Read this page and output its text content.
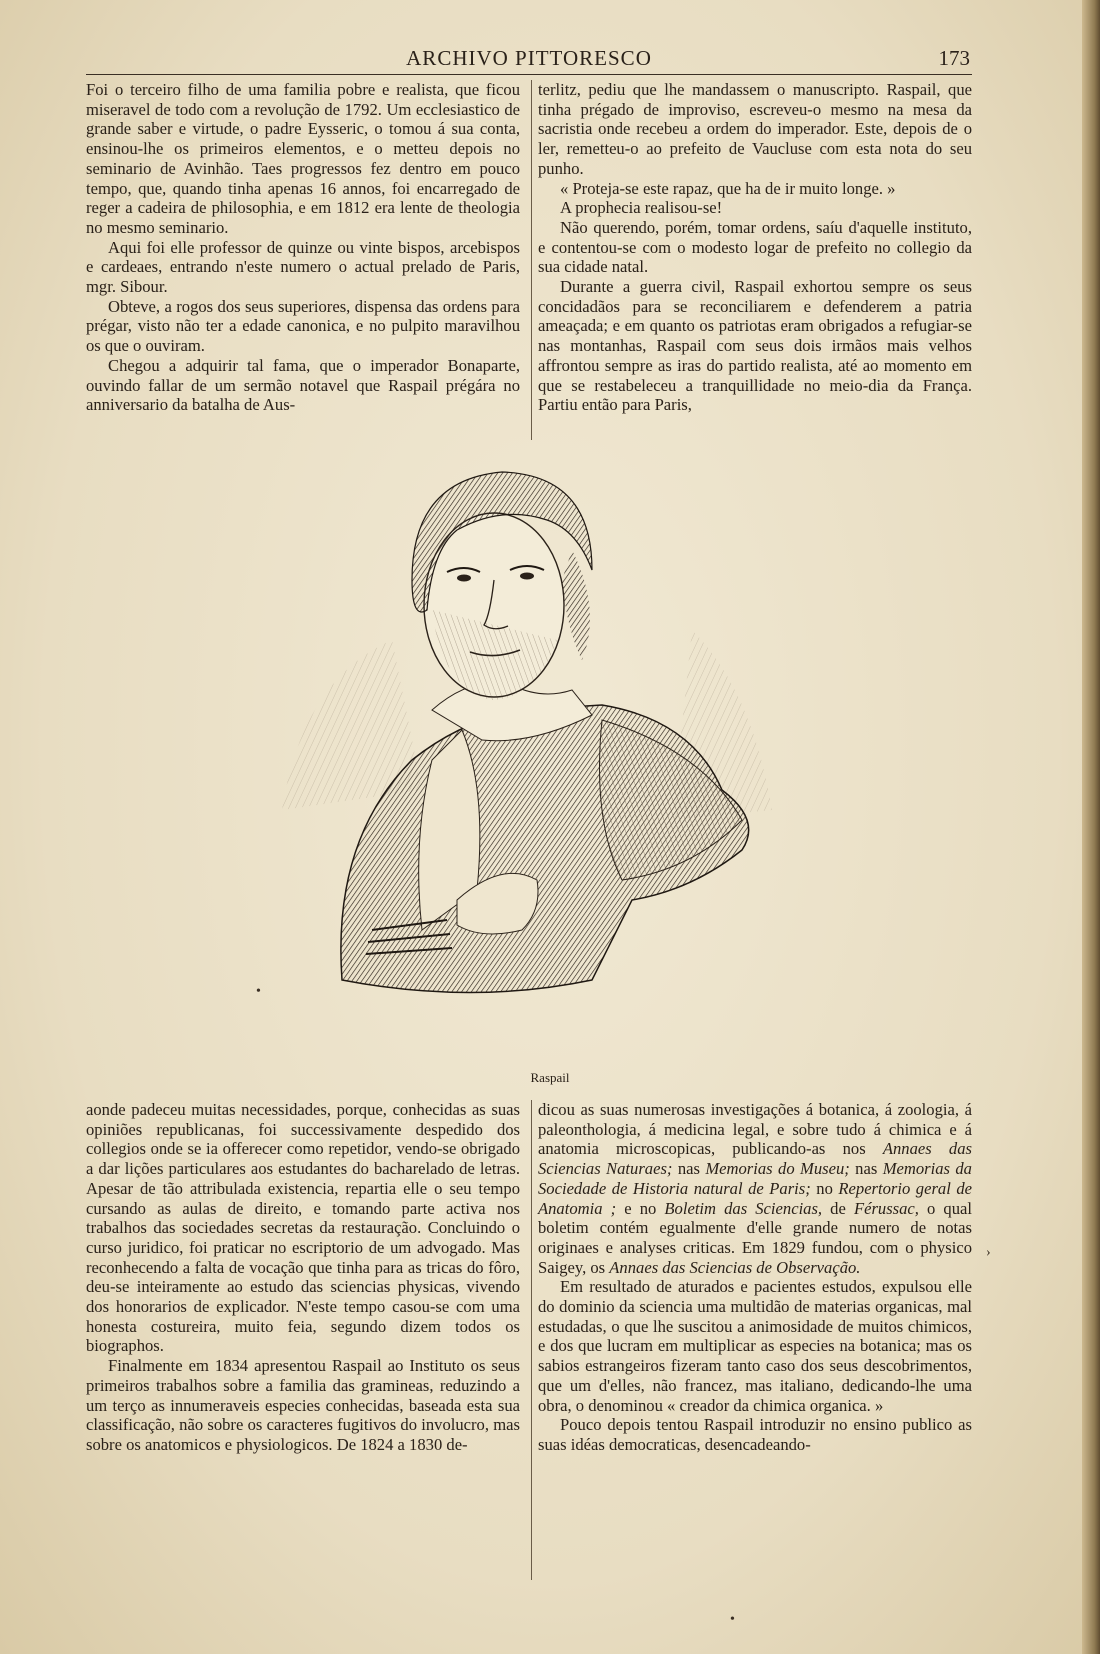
ARCHIVO PITTORESCO	173

Foi o terceiro filho de uma familia pobre e realista, que ficou miseravel de todo com a revolução de 1792. Um ecclesiastico de grande saber e virtude, o padre Eysseric, o tomou á sua conta, ensinou-lhe os primeiros elementos, e o metteu depois no seminario de Avinhão. Taes progressos fez dentro em pouco tempo, que, quando tinha apenas 16 annos, foi encarregado de reger a cadeira de philosophia, e em 1812 era lente de theologia no mesmo seminario.

Aqui foi elle professor de quinze ou vinte bispos, arcebispos e cardeaes, entrando n'este numero o actual prelado de Paris, mgr. Sibour.

Obteve, a rogos dos seus superiores, dispensa das ordens para prégar, visto não ter a edade canonica, e no pulpito maravilhou os que o ouviram.

Chegou a adquirir tal fama, que o imperador Bonaparte, ouvindo fallar de um sermão notavel que Raspail prégára no anniversario da batalha de Aus-

terlitz, pediu que lhe mandassem o manuscripto. Raspail, que tinha prégado de improviso, escreveu-o mesmo na mesa da sacristia onde recebeu a ordem do imperador. Este, depois de o ler, remetteu-o ao prefeito de Vaucluse com esta nota do seu punho.

« Proteja-se este rapaz, que ha de ir muito longe. »

A prophecia realisou-se!

Não querendo, porém, tomar ordens, saíu d'aquelle instituto, e contentou-se com o modesto logar de prefeito no collegio da sua cidade natal.

Durante a guerra civil, Raspail exhortou sempre os seus concidadãos para se reconciliarem e defenderem a patria ameaçada; e em quanto os patriotas eram obrigados a refugiar-se nas montanhas, Raspail com seus dois irmãos mais velhos affrontou sempre as iras do partido realista, até ao momento em que se restabeleceu a tranquillidade no meio-dia da França. Partiu então para Paris,

Raspail

aonde padeceu muitas necessidades, porque, conhecidas as suas opiniões republicanas, foi successivamente despedido dos collegios onde se ia offerecer como repetidor, vendo-se obrigado a dar lições particulares aos estudantes do bacharelado de letras. Apesar de tão attribulada existencia, repartia elle o seu tempo cursando as aulas de direito, e tomando parte activa nos trabalhos das sociedades secretas da restauração. Concluindo o curso juridico, foi praticar no escriptorio de um advogado. Mas reconhecendo a falta de vocação que tinha para as tricas do fôro, deu-se inteiramente ao estudo das sciencias physicas, vivendo dos honorarios de explicador. N'este tempo casou-se com uma honesta costureira, muito feia, segundo dizem todos os biographos.

Finalmente em 1834 apresentou Raspail ao Instituto os seus primeiros trabalhos sobre a familia das gramineas, reduzindo a um terço as innumeraveis especies conhecidas, baseada esta sua classificação, não sobre os caracteres fugitivos do involucro, mas sobre os anatomicos e physiologicos. De 1824 a 1830 de-

dicou as suas numerosas investigações á botanica, á zoologia, á paleonthologia, á medicina legal, e sobre tudo á chimica e á anatomia microscopicas, publicando-as nos Annaes das Sciencias Naturaes; nas Memorias do Museu; nas Memorias da Sociedade de Historia natural de Paris; no Repertorio geral de Anatomia ; e no Boletim das Sciencias, de Férussac, o qual boletim contém egualmente d'elle grande numero de notas originaes e analyses criticas. Em 1829 fundou, com o physico Saigey, os Annaes das Sciencias de Observação.

Em resultado de aturados e pacientes estudos, expulsou elle do dominio da sciencia uma multidão de materias organicas, mal estudadas, o que lhe suscitou a animosidade de muitos chimicos, e dos que lucram em multiplicar as especies na botanica; mas os sabios estrangeiros fizeram tanto caso dos seus descobrimentos, que um d'elles, não francez, mas italiano, dedicando-lhe uma obra, o denominou « creador da chimica organica. »

Pouco depois tentou Raspail introduzir no ensino publico as suas idéas democraticas, desencadeando-

•
›
•
